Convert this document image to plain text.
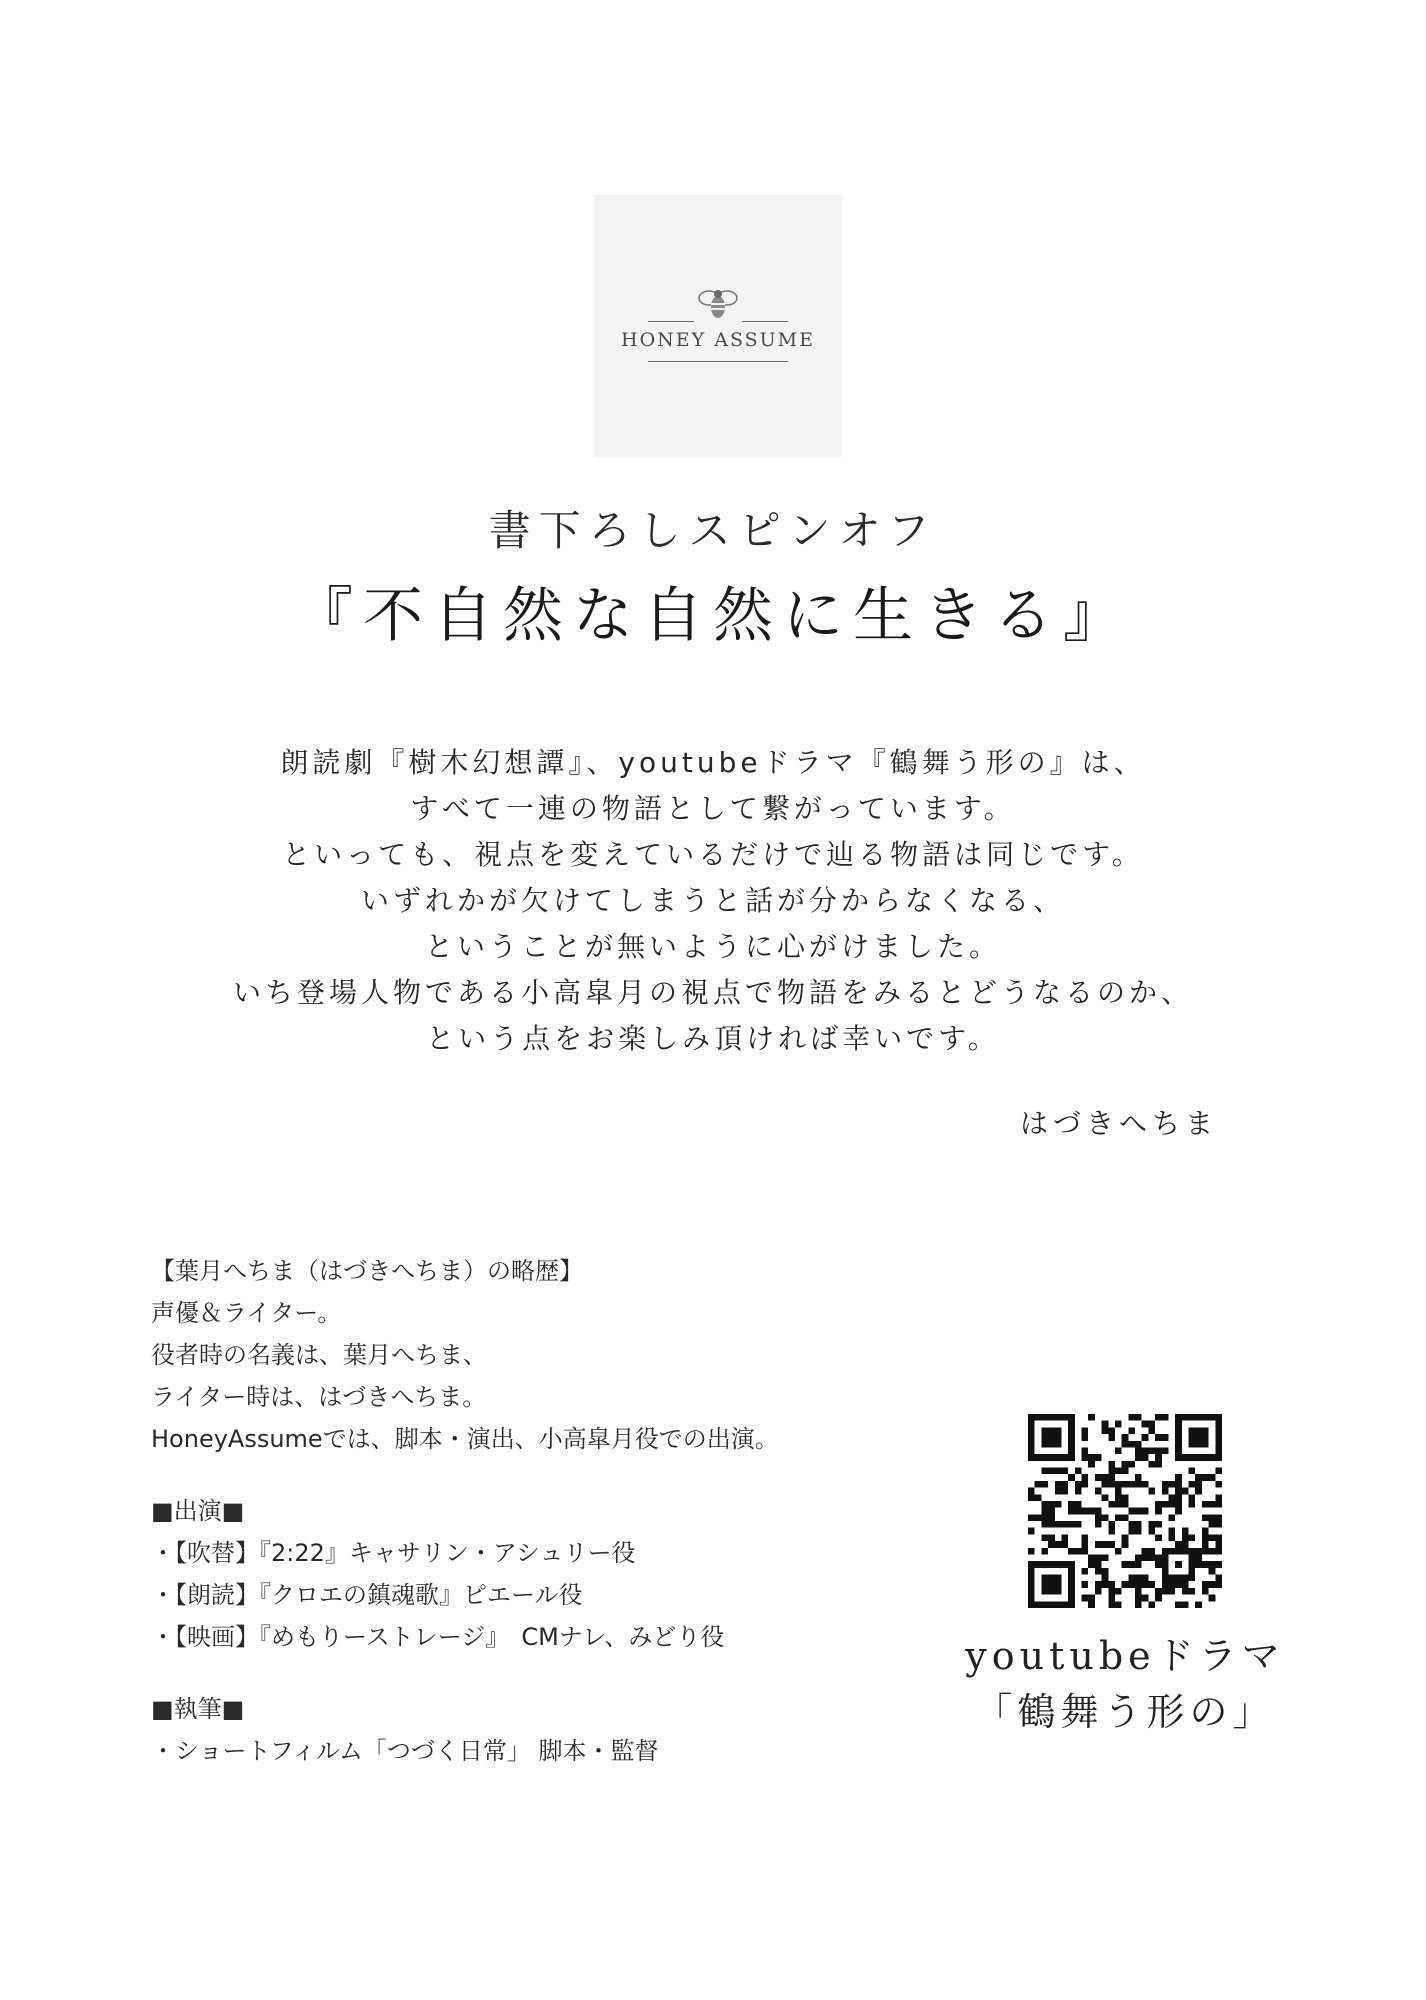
HONEY ASSUME
書下ろしスピンオフ
『不自然な自然に生きる』
朗読劇『樹木幻想譚』、youtubeドラマ『鶴舞う形の』は、
すべて一連の物語として繋がっています。
といっても、視点を変えているだけで辿る物語は同じです。
いずれかが欠けてしまうと話が分からなくなる、
ということが無いように心がけました。
いち登場人物である小高皐月の視点で物語をみるとどうなるのか、
という点をお楽しみ頂ければ幸いです。
はづきへちま
【葉月へちま（はづきへちま）の略歴】
声優＆ライター。
役者時の名義は、葉月へちま、
ライター時は、はづきへちま。
HoneyAssumeでは、脚本・演出、小高皐月役での出演。
■出演■
・【吹替】『2:22』キャサリン・アシュリー役
・【朗読】『クロエの鎮魂歌』ピエール役
・【映画】『めもりーストレージ』　CMナレ、みどり役
■執筆■
・ショートフィルム「つづく日常」 脚本・監督
youtubeドラマ
「鶴舞う形の」
